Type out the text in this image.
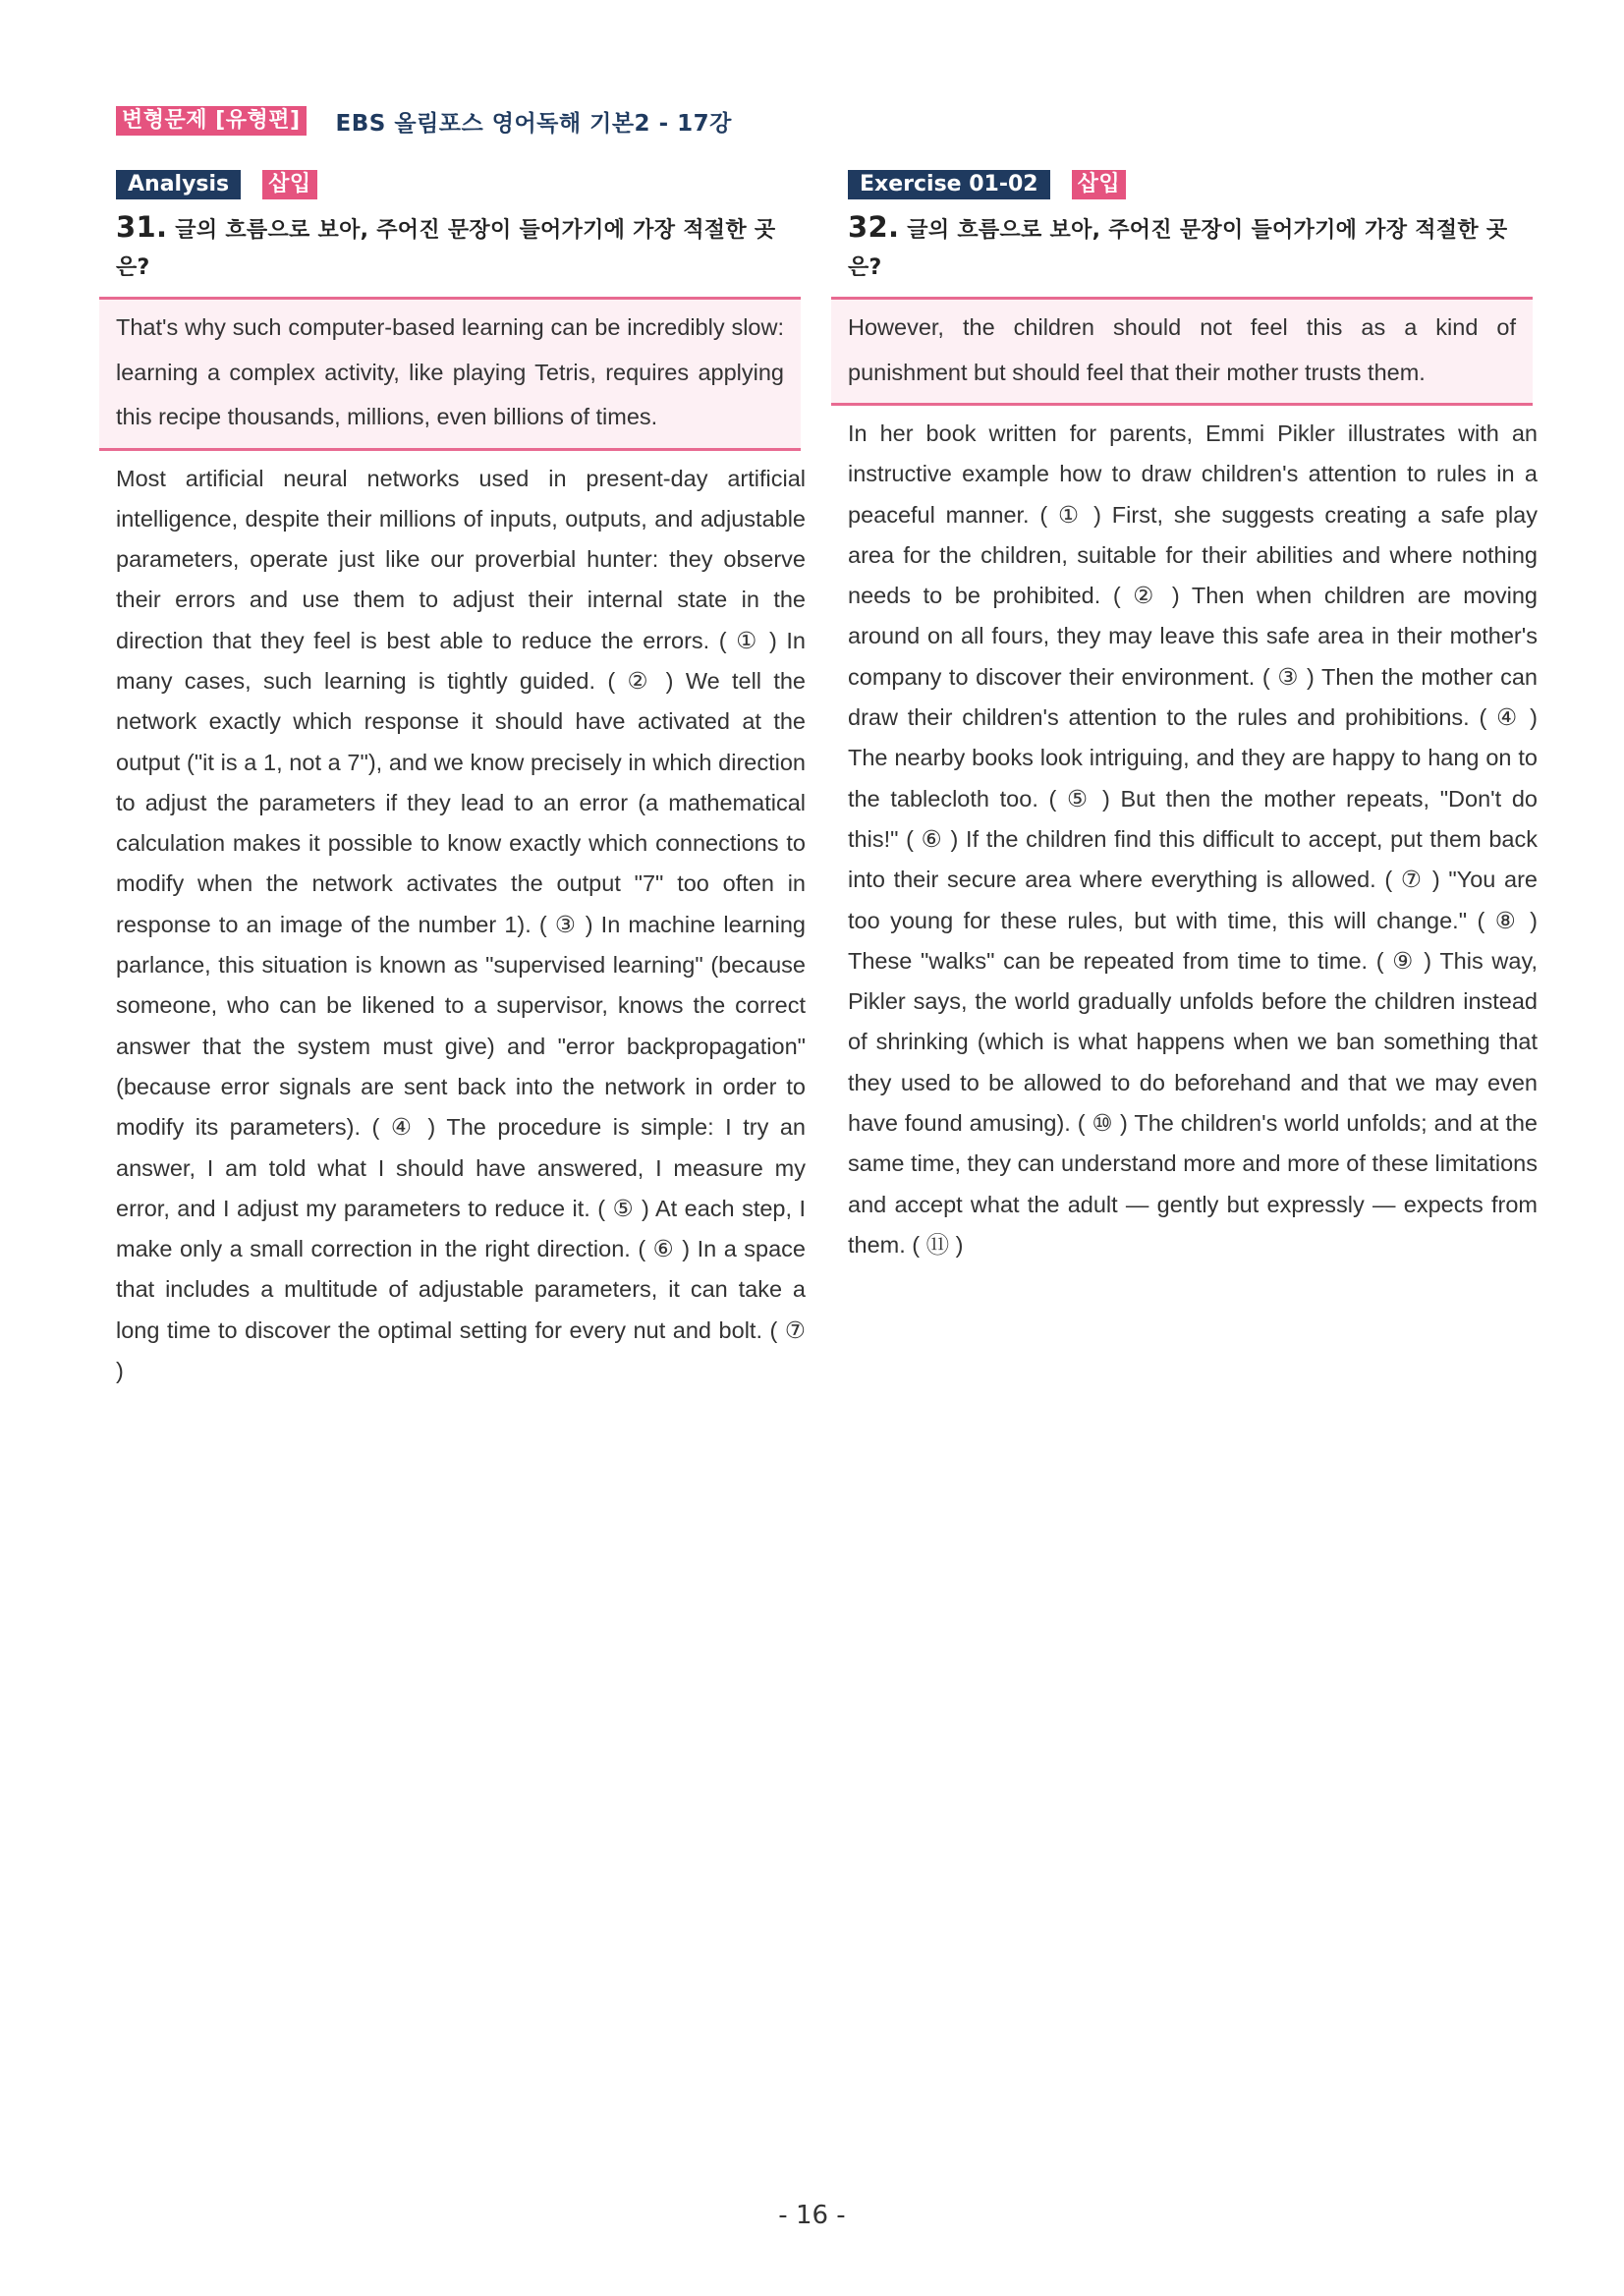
변형문제 [유형편] EBS 올림포스 영어독해 기본2 - 17강
Analysis	삽입
31. 글의 흐름으로 보아, 주어진 문장이 들어가기에 가장 적절한 곳은?
That's why such computer-based learning can be incredibly slow: learning a complex activity, like playing Tetris, requires applying this recipe thousands, millions, even billions of times.
Most artificial neural networks used in present-day artificial intelligence, despite their millions of inputs, outputs, and adjustable parameters, operate just like our proverbial hunter: they observe their errors and use them to adjust their internal state in the direction that they feel is best able to reduce the errors. ( ① ) In many cases, such learning is tightly guided. ( ② ) We tell the network exactly which response it should have activated at the output ("it is a 1, not a 7"), and we know precisely in which direction to adjust the parameters if they lead to an error (a mathematical calculation makes it possible to know exactly which connections to modify when the network activates the output "7" too often in response to an image of the number 1). ( ③ ) In machine learning parlance, this situation is known as "supervised learning" (because someone, who can be likened to a supervisor, knows the correct answer that the system must give) and "error backpropagation" (because error signals are sent back into the network in order to modify its parameters). ( ④ ) The procedure is simple: I try an answer, I am told what I should have answered, I measure my error, and I adjust my parameters to reduce it. ( ⑤ ) At each step, I make only a small correction in the right direction. ( ⑥ ) In a space that includes a multitude of adjustable parameters, it can take a long time to discover the optimal setting for every nut and bolt. ( ⑦ )
Exercise 01-02	삽입
32. 글의 흐름으로 보아, 주어진 문장이 들어가기에 가장 적절한 곳은?
However, the children should not feel this as a kind of punishment but should feel that their mother trusts them.
In her book written for parents, Emmi Pikler illustrates with an instructive example how to draw children's attention to rules in a peaceful manner. ( ① ) First, she suggests creating a safe play area for the children, suitable for their abilities and where nothing needs to be prohibited. ( ② ) Then when children are moving around on all fours, they may leave this safe area in their mother's company to discover their environment. ( ③ ) Then the mother can draw their children's attention to the rules and prohibitions. ( ④ ) The nearby books look intriguing, and they are happy to hang on to the tablecloth too. ( ⑤ ) But then the mother repeats, "Don't do this!" ( ⑥ ) If the children find this difficult to accept, put them back into their secure area where everything is allowed. ( ⑦ ) "You are too young for these rules, but with time, this will change." ( ⑧ ) These "walks" can be repeated from time to time. ( ⑨ ) This way, Pikler says, the world gradually unfolds before the children instead of shrinking (which is what happens when we ban something that they used to be allowed to do beforehand and that we may even have found amusing). ( ⑩ ) The children's world unfolds; and at the same time, they can understand more and more of these limitations and accept what the adult — gently but expressly — expects from them. ( ⑪ )
- 16 -
